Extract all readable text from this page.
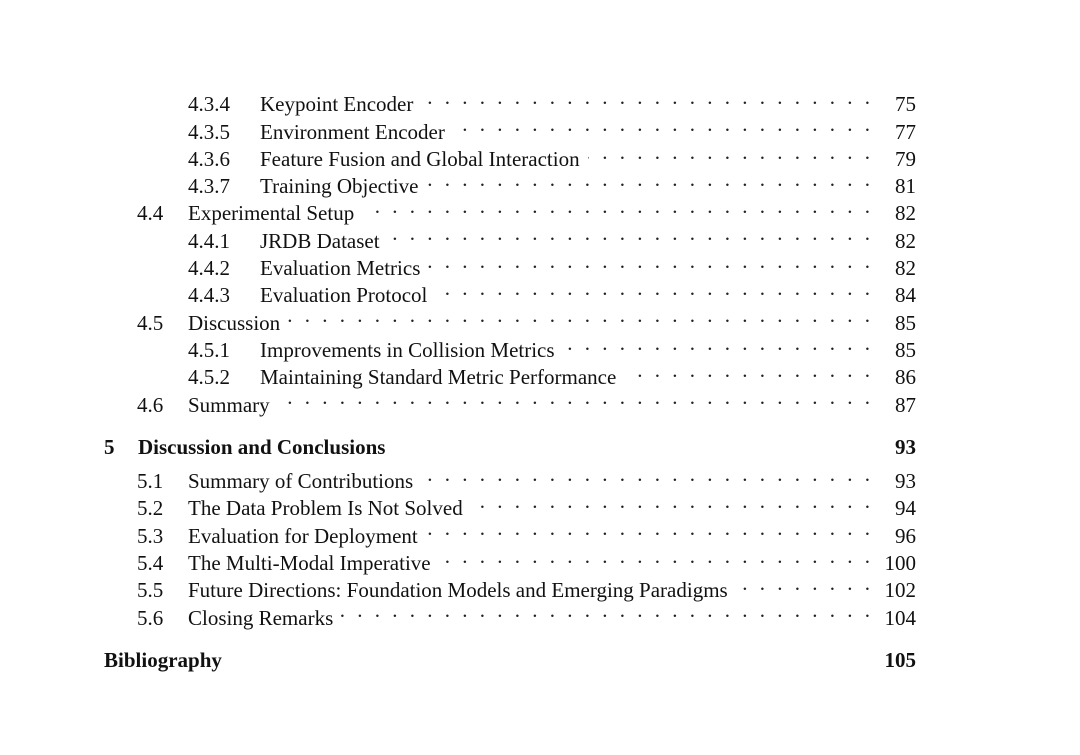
4.3.4	Keypoint Encoder . . .	75
4.3.5	Environment Encoder . . .	77
4.3.6	Feature Fusion and Global Interaction . . .	79
4.3.7	Training Objective . . .	81
4.4	Experimental Setup . . .	82
4.4.1	JRDB Dataset . . .	82
4.4.2	Evaluation Metrics . . .	82
4.4.3	Evaluation Protocol . . .	84
4.5	Discussion . . .	85
4.5.1	Improvements in Collision Metrics . . .	85
4.5.2	Maintaining Standard Metric Performance . . .	86
4.6	Summary . . .	87
5	Discussion and Conclusions	93
5.1	Summary of Contributions . . .	93
5.2	The Data Problem Is Not Solved . . .	94
5.3	Evaluation for Deployment . . .	96
5.4	The Multi-Modal Imperative . . .	100
5.5	Future Directions: Foundation Models and Emerging Paradigms . . .	102
5.6	Closing Remarks . . .	104
Bibliography	105
